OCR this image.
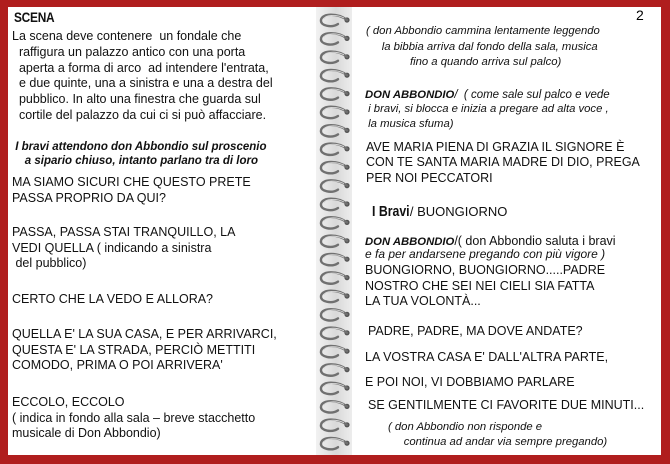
SCENA

La scena deve contenere  un fondale che
raffigura un palazzo antico con una porta
aperta a forma di arco  ad intendere l'entrata,
e due quinte, una a sinistra e una a destra del
pubblico. In alto una finestra che guarda sul
cortile del palazzo da cui ci si può affacciare.

I bravi attendono don Abbondio sul proscenio
a sipario chiuso, intanto parlano tra di loro

MA SIAMO SICURI CHE QUESTO PRETE
PASSA PROPRIO DA QUI?

PASSA, PASSA STAI TRANQUILLO, LA
VEDI QUELLA ( indicando a sinistra
del pubblico)

CERTO CHE LA VEDO E ALLORA?

QUELLA E' LA SUA CASA, E PER ARRIVARCI,
QUESTA E' LA STRADA, PERCIÒ METTITI
COMODO, PRIMA O POI ARRIVERA'

ECCOLO, ECCOLO
( indica in fondo alla sala – breve stacchetto
musicale di Don Abbondio)

2

( don Abbondio cammina lentamente leggendo
la bibbia arriva dal fondo della sala, musica
fino a quando arriva sul palco)

DON ABBONDIO/  ( come sale sul palco e vede

i bravi, si blocca e inizia a pregare ad alta voce ,
la musica sfuma)

AVE MARIA PIENA DI GRAZIA IL SIGNORE È
CON TE SANTA MARIA MADRE DI DIO, PREGA
PER NOI PECCATORI

I Bravi/ BUONGIORNO

DON ABBONDIO/( don Abbondio saluta i bravi

e fa per andarsene pregando con più vigore )

BUONGIORNO, BUONGIORNO.....PADRE
NOSTRO CHE SEI NEI CIELI SIA FATTA
LA TUA VOLONTÀ...

PADRE, PADRE, MA DOVE ANDATE?

LA VOSTRA CASA E' DALL'ALTRA PARTE,

E POI NOI, VI DOBBIAMO PARLARE

SE GENTILMENTE CI FAVORITE DUE MINUTI...

( don Abbondio non risponde e
continua ad andar via sempre pregando)
